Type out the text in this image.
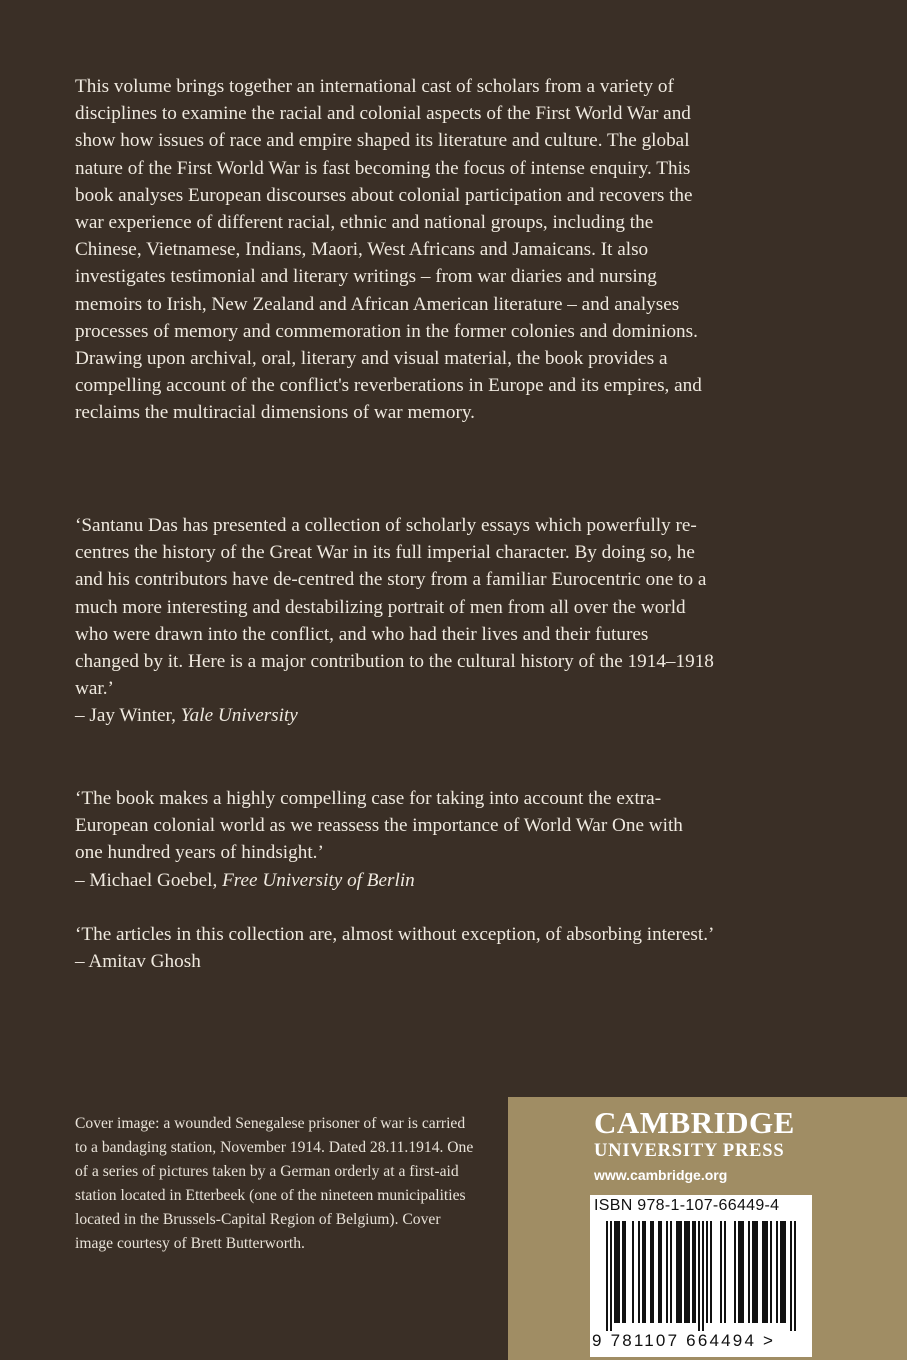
This volume brings together an international cast of scholars from a variety of disciplines to examine the racial and colonial aspects of the First World War and show how issues of race and empire shaped its literature and culture. The global nature of the First World War is fast becoming the focus of intense enquiry. This book analyses European discourses about colonial participation and recovers the war experience of different racial, ethnic and national groups, including the Chinese, Vietnamese, Indians, Maori, West Africans and Jamaicans. It also investigates testimonial and literary writings – from war diaries and nursing memoirs to Irish, New Zealand and African American literature – and analyses processes of memory and commemoration in the former colonies and dominions. Drawing upon archival, oral, literary and visual material, the book provides a compelling account of the conflict's reverberations in Europe and its empires, and reclaims the multiracial dimensions of war memory.

‘Santanu Das has presented a collection of scholarly essays which powerfully re-centres the history of the Great War in its full imperial character. By doing so, he and his contributors have de-centred the story from a familiar Eurocentric one to a much more interesting and destabilizing portrait of men from all over the world who were drawn into the conflict, and who had their lives and their futures changed by it. Here is a major contribution to the cultural history of the 1914–1918 war.’

– Jay Winter, Yale University

‘The book makes a highly compelling case for taking into account the extra-European colonial world as we reassess the importance of World War One with one hundred years of hindsight.’

– Michael Goebel, Free University of Berlin

‘The articles in this collection are, almost without exception, of absorbing interest.’

– Amitav Ghosh

Cover image: a wounded Senegalese prisoner of war is carried to a bandaging station, November 1914. Dated 28.11.1914. One of a series of pictures taken by a German orderly at a first-aid station located in Etterbeek (one of the nineteen municipalities located in the Brussels-Capital Region of Belgium). Cover image courtesy of Brett Butterworth.

CAMBRIDGE
UNIVERSITY PRESS
www.cambridge.org
ISBN 978-1-107-66449-4
9 781107 664494 >
